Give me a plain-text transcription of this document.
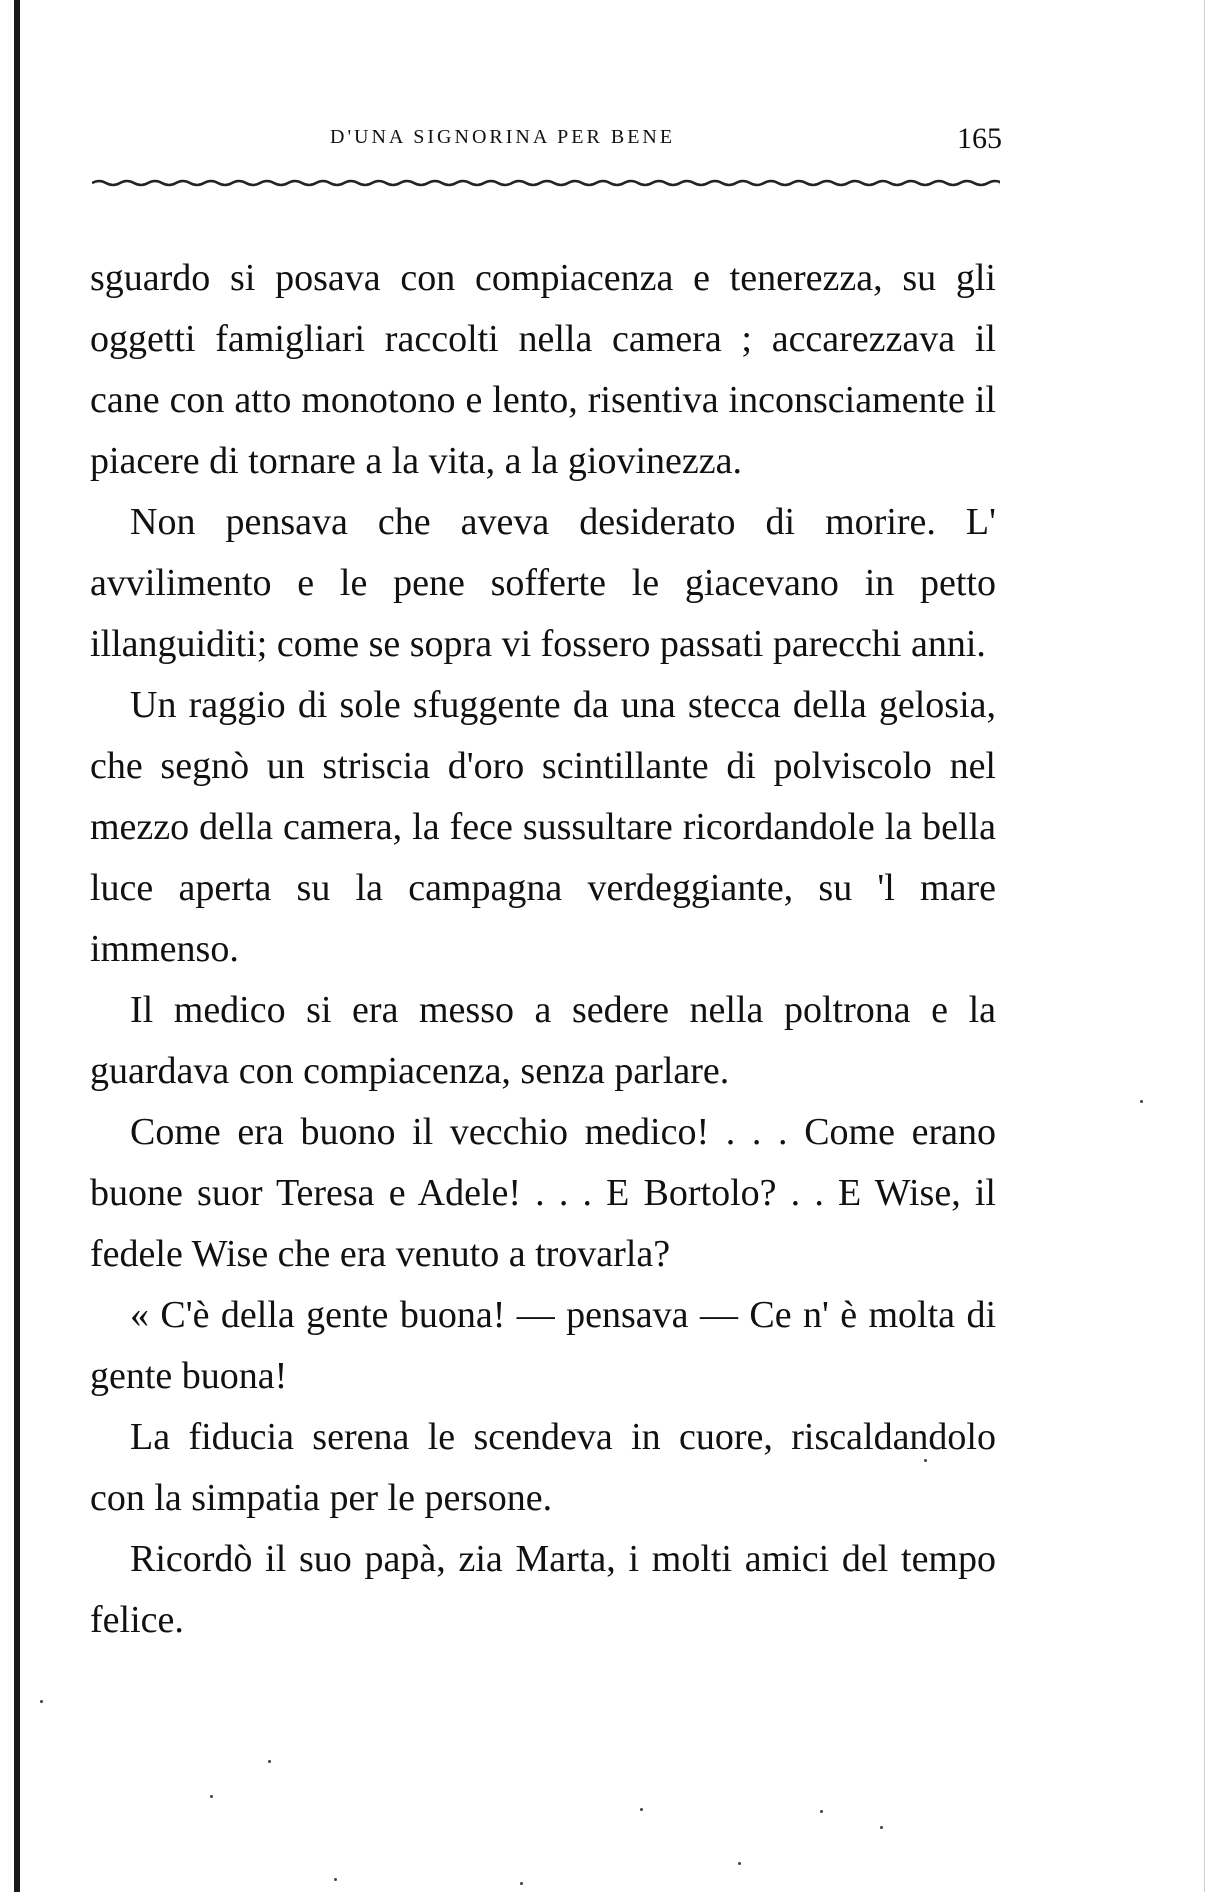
D'UNA SIGNORINA PER BENE	165

sguardo si posava con compiacenza e tenerezza, su gli oggetti famigliari raccolti nella camera ; accarezzava il cane con atto monotono e lento, risentiva inconsciamente il piacere di tornare a la vita, a la giovinezza.

Non pensava che aveva desiderato di morire. L' avvilimento e le pene sofferte le giacevano in petto illanguiditi; come se sopra vi fossero passati parecchi anni.

Un raggio di sole sfuggente da una stecca della gelosia, che segnò un striscia d'oro scintillante di polviscolo nel mezzo della camera, la fece sussultare ricordandole la bella luce aperta su la campagna verdeggiante, su 'l mare immenso.

Il medico si era messo a sedere nella poltrona e la guardava con compiacenza, senza parlare.

Come era buono il vecchio medico! . . . Come erano buone suor Teresa e Adele! . . . E Bortolo? . . E Wise, il fedele Wise che era venuto a trovarla?

« C'è della gente buona! — pensava — Ce n' è molta di gente buona!

La fiducia serena le scendeva in cuore, riscaldandolo con la simpatia per le persone.

Ricordò il suo papà, zia Marta, i molti amici del tempo felice.
